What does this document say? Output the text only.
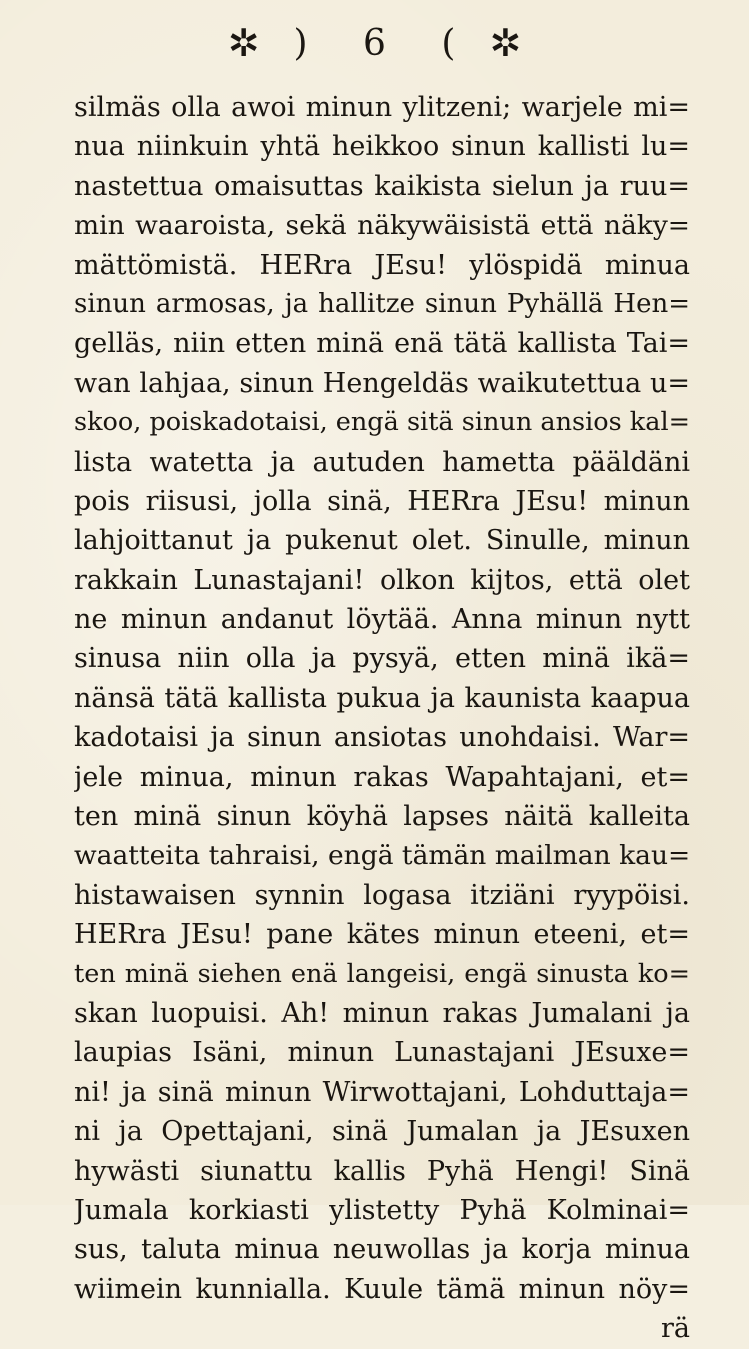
✲ ) 6 ( ✲
silmäs olla awoi minun ylitzeni; warjele mi=
nua niinkuin yhtä heikkoo sinun kallisti lu=
nastettua omaisuttas kaikista sielun ja ruu=
min waaroista, sekä näkywäisistä että näky=
mättömistä. HERra JEsu! ylöspidä minua
sinun armosas, ja hallitze sinun Pyhällä Hen=
gelläs, niin etten minä enä tätä kallista Tai=
wan lahjaa, sinun Hengeldäs waikutettua u=
skoo, poiskadotaisi, engä sitä sinun ansios kal=
lista watetta ja autuden hametta pääldäni
pois riisusi, jolla sinä, HERra JEsu! minun
lahjoittanut ja pukenut olet. Sinulle, minun
rakkain Lunastajani! olkon kijtos, että olet
ne minun andanut löytää. Anna minun nytt
sinusa niin olla ja pysyä, etten minä ikä=
nänsä tätä kallista pukua ja kaunista kaapua
kadotaisi ja sinun ansiotas unohdaisi. War=
jele minua, minun rakas Wapahtajani, et=
ten minä sinun köyhä lapses näitä kalleita
waatteita tahraisi, engä tämän mailman kau=
histawaisen synnin logasa itziäni ryypöisi.
HERra JEsu! pane kätes minun eteeni, et=
ten minä siehen enä langeisi, engä sinusta ko=
skan luopuisi. Ah! minun rakas Jumalani ja
laupias Isäni, minun Lunastajani JEsuxe=
ni! ja sinä minun Wirwottajani, Lohduttaja=
ni ja Opettajani, sinä Jumalan ja JEsuxen
hywästi siunattu kallis Pyhä Hengi! Sinä
Jumala korkiasti ylistetty Pyhä Kolminai=
sus, taluta minua neuwollas ja korja minua
wiimein kunnialla. Kuule tämä minun nöy=
rä
